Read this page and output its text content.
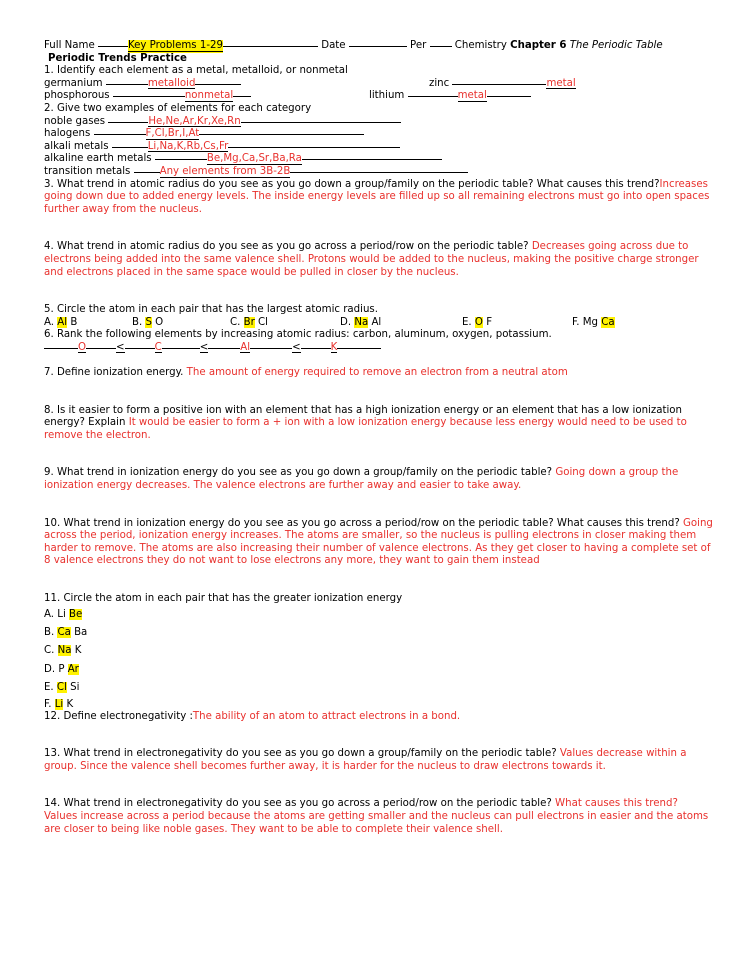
Full Name	Key Problems 1-29	Date	Per  Chemistry Chapter 6 The Periodic Table
Periodic Trends Practice
1. Identify each element as a metal, metalloid, or nonmetal
germanium	metalloid	zinc	metal
phosphorous	nonmetal	lithium	metal
2. Give two examples of elements for each category
noble gases	He,Ne,Ar,Kr,Xe,Rn
halogens	F,Cl,Br,I,At
alkali metals	Li,Na,K,Rb,Cs,Fr
alkaline earth metals	Be,Mg,Ca,Sr,Ba,Ra
transition metals	Any elements from 3B-2B
3. What trend in atomic radius do you see as you go down a group/family on the periodic table? What causes this trend?Increases going down due to added energy levels. The inside energy levels are filled up so all remaining electrons must go into open spaces further away from the nucleus.
4. What trend in atomic radius do you see as you go across a period/row on the periodic table? Decreases going across due to electrons being added into the same valence shell. Protons would be added to the nucleus, making the positive charge stronger and electrons placed in the same space would be pulled in closer by the nucleus.
5. Circle the atom in each pair that has the largest atomic radius.
A. Al B	B. S O	C. Br Cl	D. Na Al	E. O F	F. Mg Ca
6. Rank the following elements by increasing atomic radius: carbon, aluminum, oxygen, potassium.
O	<	C	<	Al	<	K
7. Define ionization energy. The amount of energy required to remove an electron from a neutral atom
8. Is it easier to form a positive ion with an element that has a high ionization energy or an element that has a low ionization energy? Explain It would be easier to form a + ion with a low ionization energy because less energy would need to be used to remove the electron.
9. What trend in ionization energy do you see as you go down a group/family on the periodic table? Going down a group the ionization energy decreases. The valence electrons are further away and easier to take away.
10. What trend in ionization energy do you see as you go across a period/row on the periodic table? What causes this trend? Going across the period, ionization energy increases. The atoms are smaller, so the nucleus is pulling electrons in closer making them harder to remove. The atoms are also increasing their number of valence electrons. As they get closer to having a complete set of 8 valence electrons they do not want to lose electrons any more, they want to gain them instead
11. Circle the atom in each pair that has the greater ionization energy
A. Li Be
B. Ca Ba
C. Na K
D. P Ar
E. Cl Si
F. Li K
12. Define electronegativity :The ability of an atom to attract electrons in a bond.
13. What trend in electronegativity do you see as you go down a group/family on the periodic table? Values decrease within a group. Since the valence shell becomes further away, it is harder for the nucleus to draw electrons towards it.
14. What trend in electronegativity do you see as you go across a period/row on the periodic table? What causes this trend? Values increase across a period because the atoms are getting smaller and the nucleus can pull electrons in easier and the atoms are closer to being like noble gases. They want to be able to complete their valence shell.
